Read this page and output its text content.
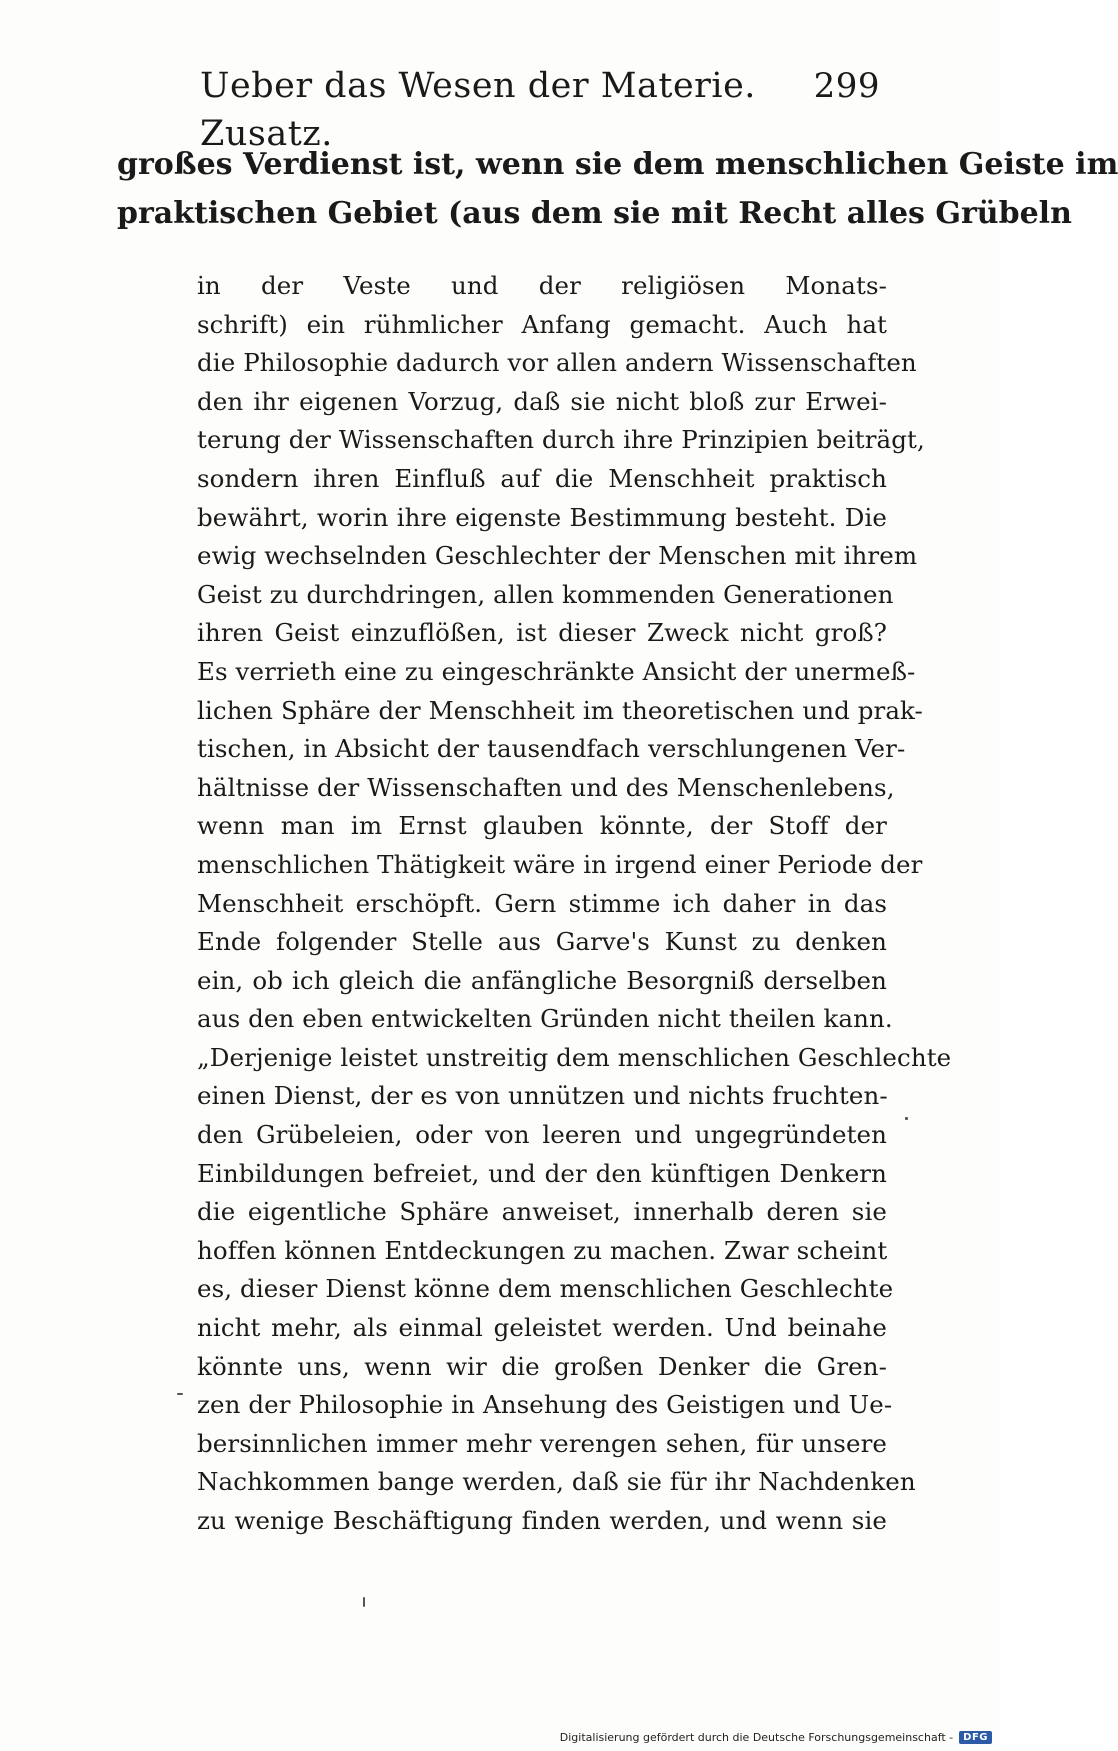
Ueber das Wesen der Materie. Zusatz.
299
großes Verdienst ist, wenn sie dem menschlichen Geiste im
praktischen Gebiet (aus dem sie mit Recht alles Grübeln
in der Veste und der religiösen Monats-
schrift) ein rühmlicher Anfang gemacht. Auch hat
die Philosophie dadurch vor allen andern Wissenschaften
den ihr eigenen Vorzug, daß sie nicht bloß zur Erwei-
terung der Wissenschaften durch ihre Prinzipien beiträgt,
sondern ihren Einfluß auf die Menschheit praktisch
bewährt, worin ihre eigenste Bestimmung besteht. Die
ewig wechselnden Geschlechter der Menschen mit ihrem
Geist zu durchdringen, allen kommenden Generationen
ihren Geist einzuflößen, ist dieser Zweck nicht groß?
Es verrieth eine zu eingeschränkte Ansicht der unermeß-
lichen Sphäre der Menschheit im theoretischen und prak-
tischen, in Absicht der tausendfach verschlungenen Ver-
hältnisse der Wissenschaften und des Menschenlebens,
wenn man im Ernst glauben könnte, der Stoff der
menschlichen Thätigkeit wäre in irgend einer Periode der
Menschheit erschöpft. Gern stimme ich daher in das
Ende folgender Stelle aus Garve's Kunst zu denken
ein, ob ich gleich die anfängliche Besorgniß derselben
aus den eben entwickelten Gründen nicht theilen kann.
„Derjenige leistet unstreitig dem menschlichen Geschlechte
einen Dienst, der es von unnützen und nichts fruchten-
den Grübeleien, oder von leeren und ungegründeten
Einbildungen befreiet, und der den künftigen Denkern
die eigentliche Sphäre anweiset, innerhalb deren sie
hoffen können Entdeckungen zu machen. Zwar scheint
es, dieser Dienst könne dem menschlichen Geschlechte
nicht mehr, als einmal geleistet werden. Und beinahe
könnte uns, wenn wir die großen Denker die Gren-
zen der Philosophie in Ansehung des Geistigen und Ue-
bersinnlichen immer mehr verengen sehen, für unsere
Nachkommen bange werden, daß sie für ihr Nachdenken
zu wenige Beschäftigung finden werden, und wenn sie
Digitalisierung gefördert durch die Deutsche Forschungsgemeinschaft -	DFG
